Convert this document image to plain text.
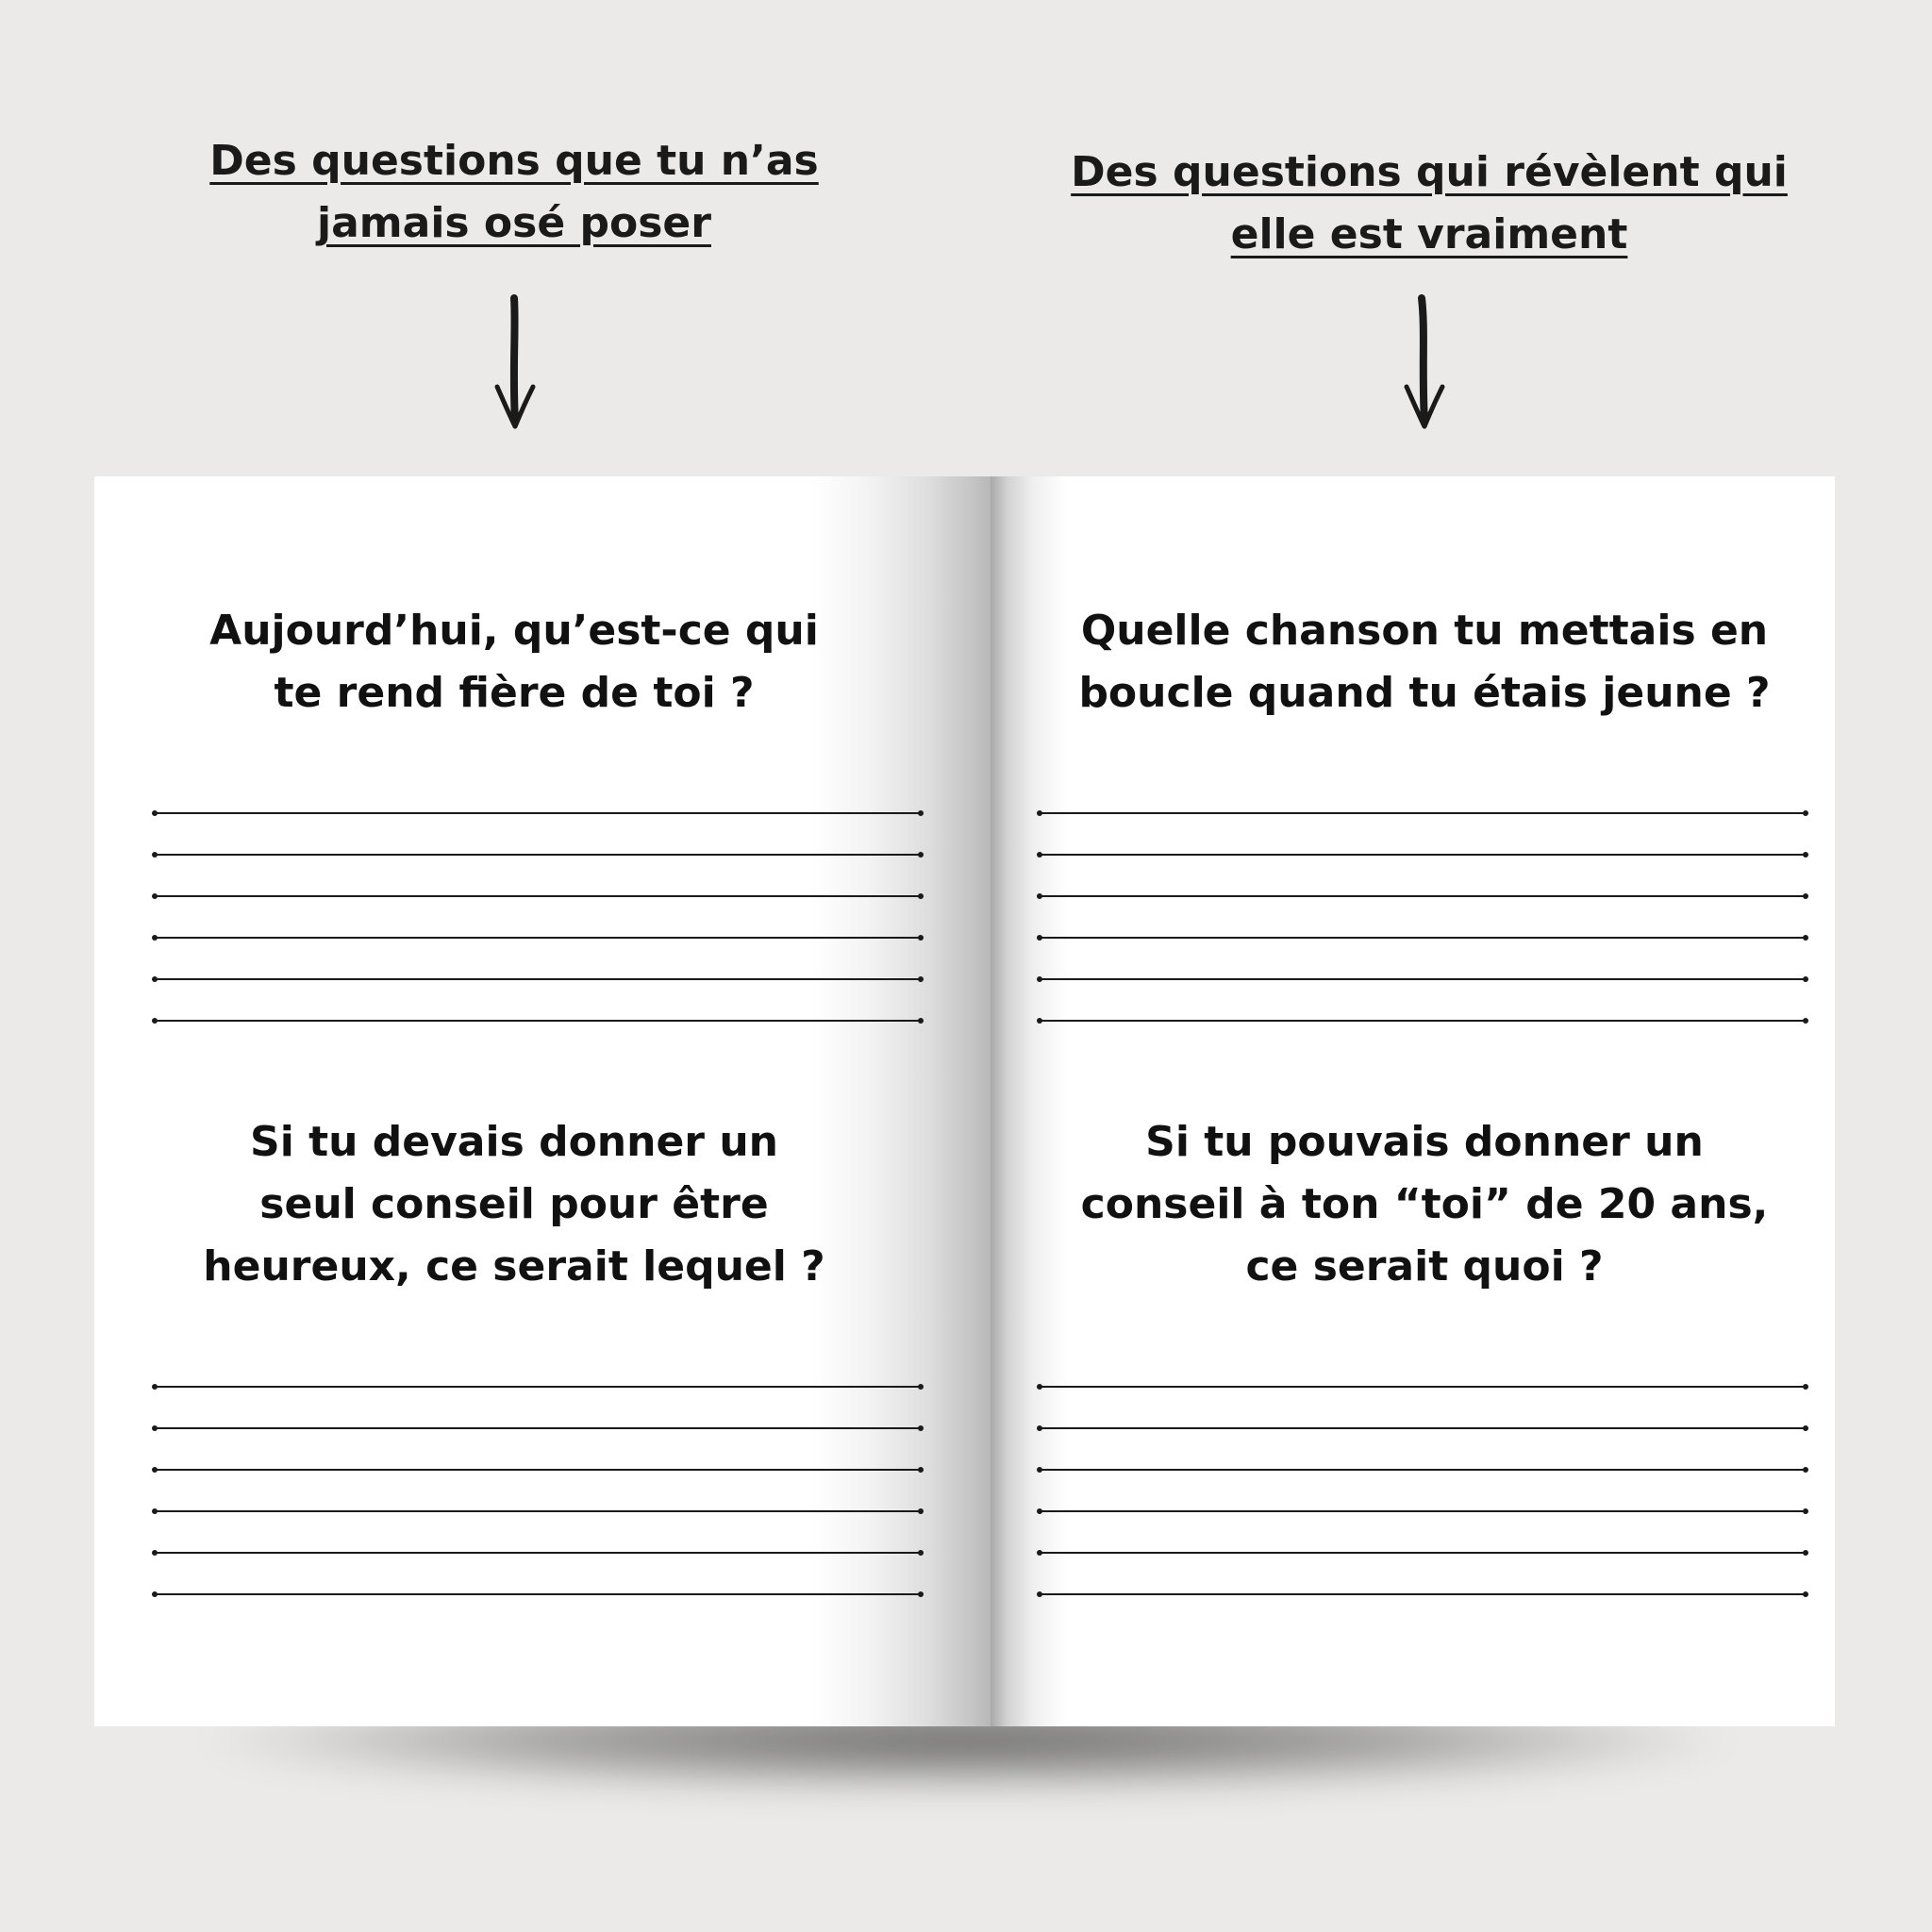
Des questions que tu n’as
jamais osé poser
Des questions qui révèlent qui
elle est vraiment
Aujourd’hui, qu’est-ce qui
te rend fière de toi ?
Si tu devais donner un
seul conseil pour être
heureux, ce serait lequel ?
Quelle chanson tu mettais en
boucle quand tu étais jeune ?
Si tu pouvais donner un
conseil à ton “toi” de 20 ans,
ce serait quoi ?
